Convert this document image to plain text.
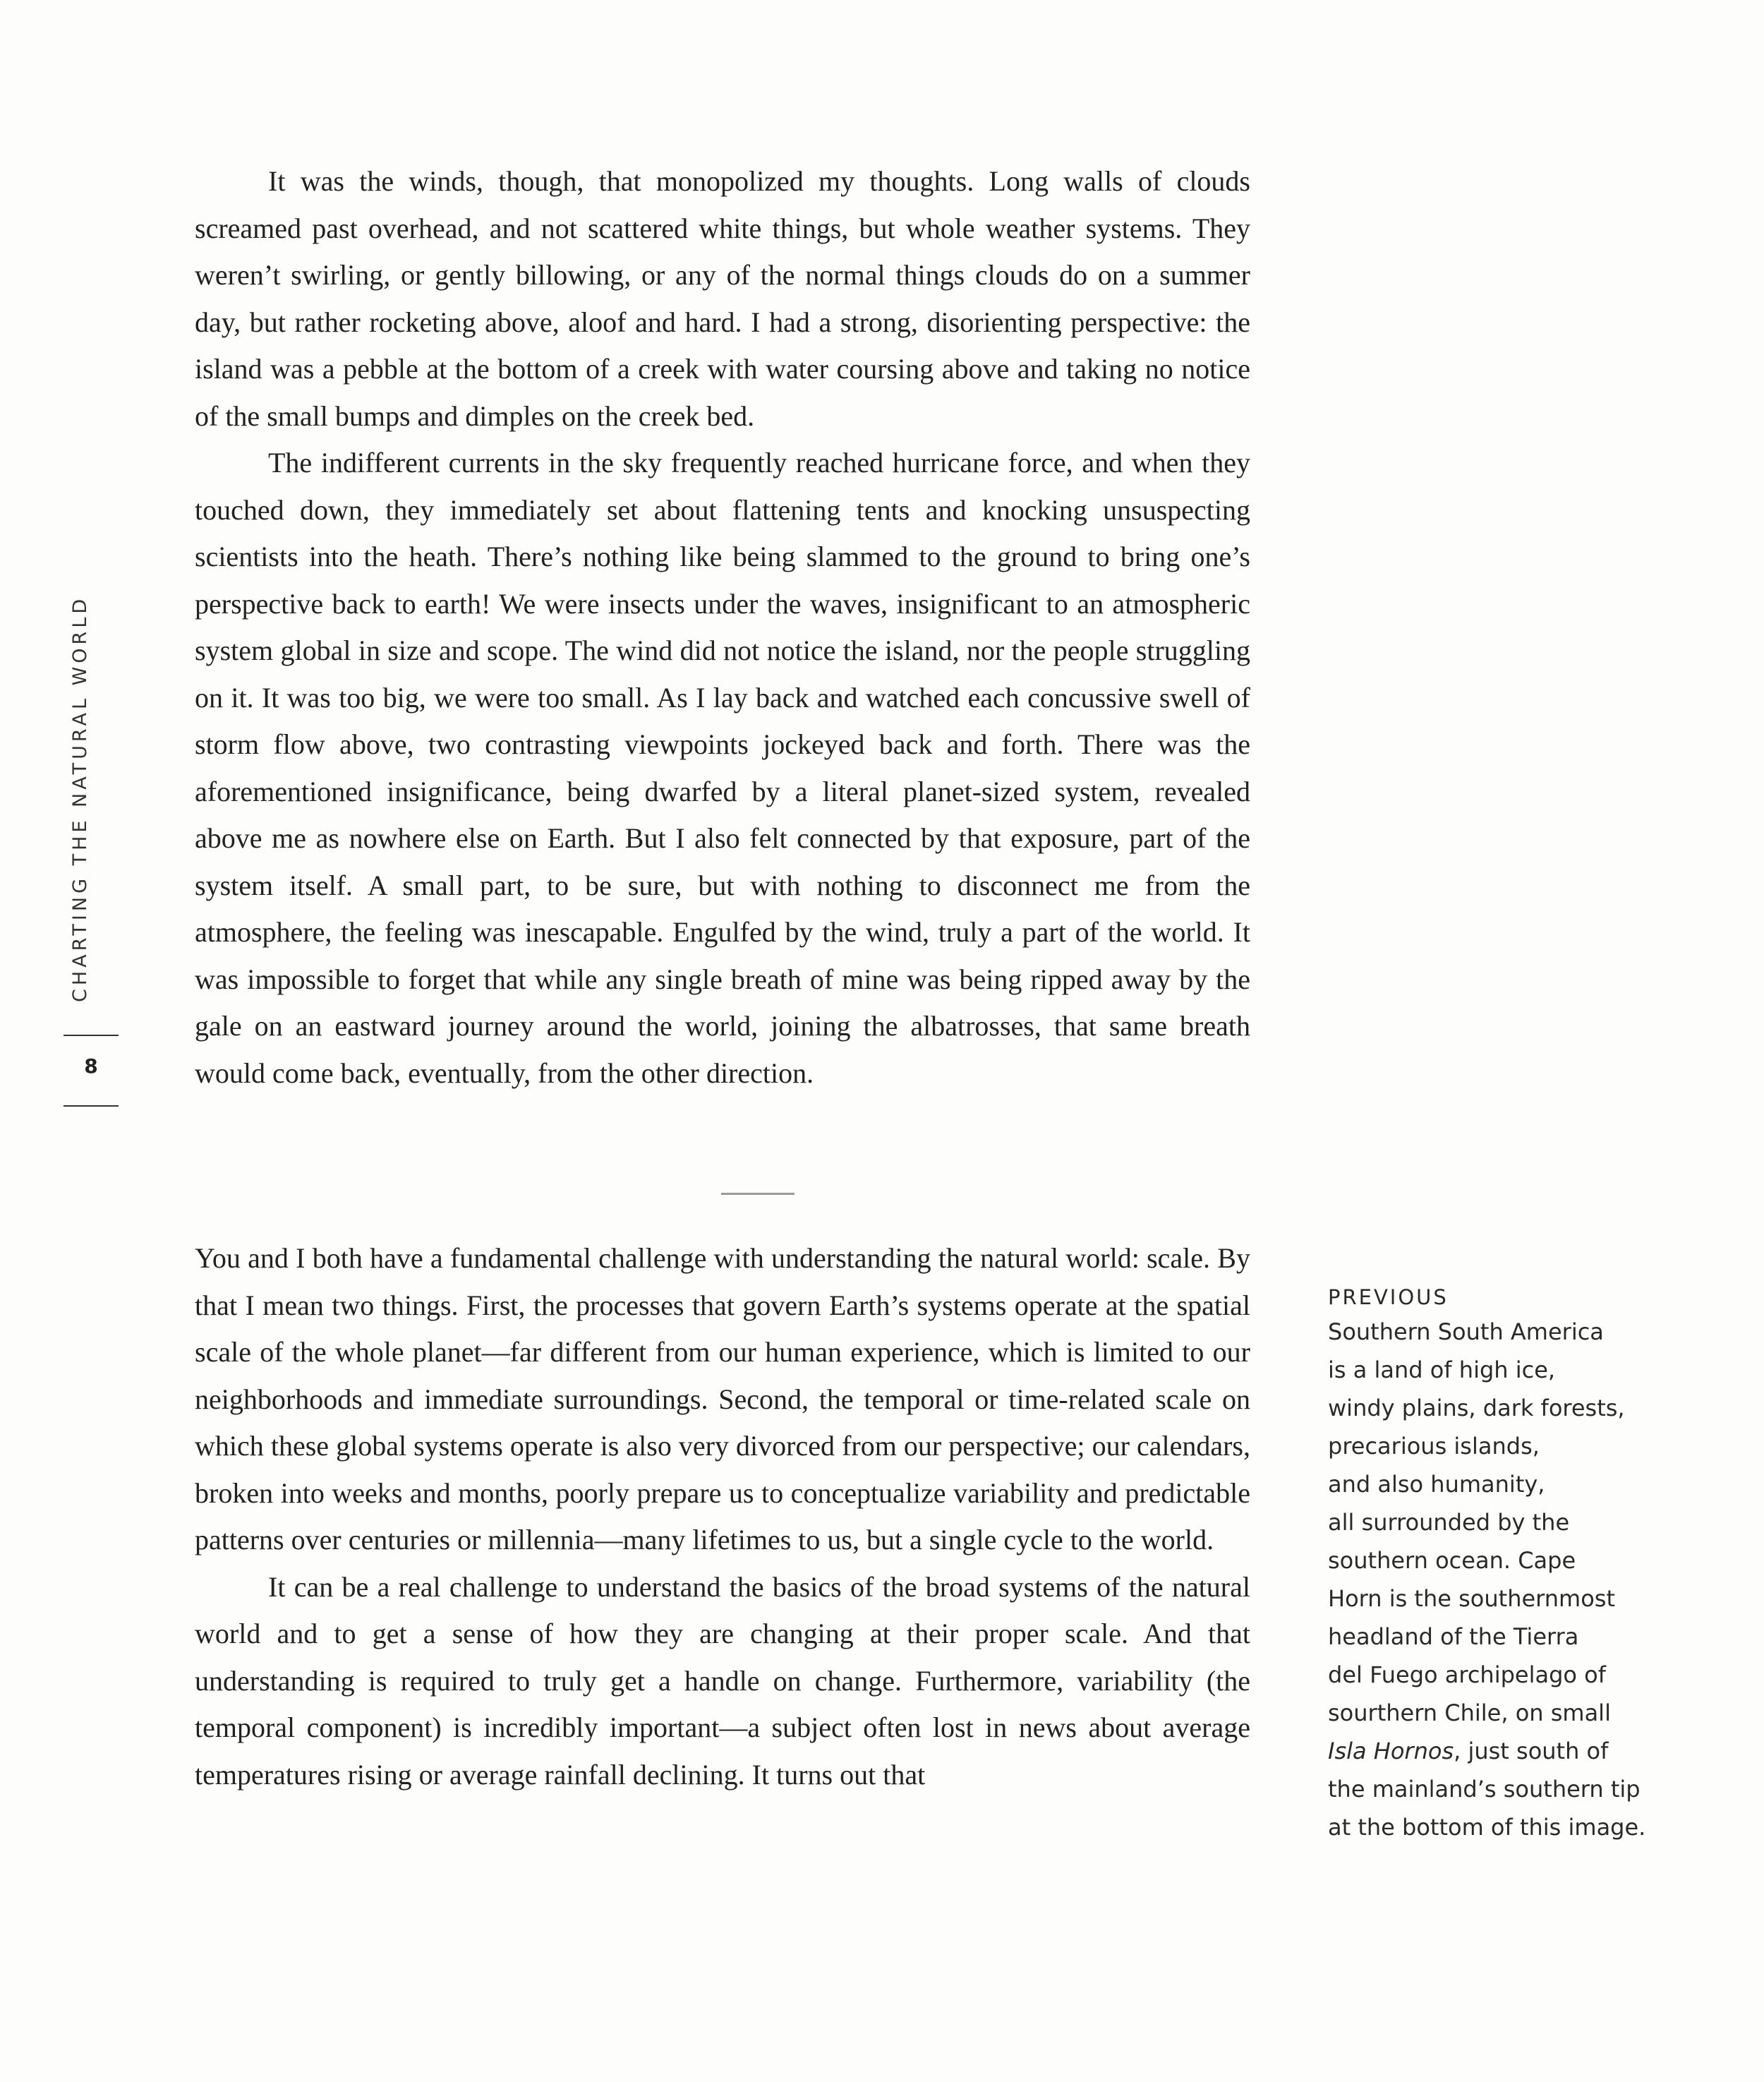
CHARTING THE NATURAL WORLD
8

It was the winds, though, that monopolized my thoughts. Long walls of clouds screamed past overhead, and not scattered white things, but whole weather systems. They weren’t swirling, or gently billowing, or any of the normal things clouds do on a summer day, but rather rocketing above, aloof and hard. I had a strong, disorienting perspective: the island was a pebble at the bottom of a creek with water coursing above and taking no notice of the small bumps and dimples on the creek bed.

The indifferent currents in the sky frequently reached hurricane force, and when they touched down, they immediately set about flattening tents and knocking unsuspecting scientists into the heath. There’s nothing like being slammed to the ground to bring one’s perspective back to earth! We were insects under the waves, insignificant to an atmospheric system global in size and scope. The wind did not notice the island, nor the people struggling on it. It was too big, we were too small. As I lay back and watched each concussive swell of storm flow above, two contrasting viewpoints jockeyed back and forth. There was the aforementioned insignificance, being dwarfed by a literal planet-sized system, revealed above me as nowhere else on Earth. But I also felt connected by that exposure, part of the system itself. A small part, to be sure, but with nothing to disconnect me from the atmosphere, the feeling was inescapable. Engulfed by the wind, truly a part of the world. It was impossible to forget that while any single breath of mine was being ripped away by the gale on an eastward journey around the world, joining the albatrosses, that same breath would come back, eventually, from the other direction.

You and I both have a fundamental challenge with understanding the natural world: scale. By that I mean two things. First, the processes that govern Earth’s systems operate at the spatial scale of the whole planet—far different from our human experience, which is limited to our neighborhoods and immediate surroundings. Second, the temporal or time-related scale on which these global systems operate is also very divorced from our perspective; our calendars, broken into weeks and months, poorly prepare us to conceptualize variability and predictable patterns over centuries or millennia—many lifetimes to us, but a single cycle to the world.

It can be a real challenge to understand the basics of the broad systems of the natural world and to get a sense of how they are changing at their proper scale. And that understanding is required to truly get a handle on change. Furthermore, variability (the temporal component) is incredibly important—a subject often lost in news about average temperatures rising or average rainfall declining. It turns out that

PREVIOUS
Southern South America
is a land of high ice,
windy plains, dark forests,
precarious islands,
and also humanity,
all surrounded by the
southern ocean. Cape
Horn is the southernmost
headland of the Tierra
del Fuego archipelago of
sourthern Chile, on small
Isla Hornos, just south of
the mainland’s southern tip
at the bottom of this image.
